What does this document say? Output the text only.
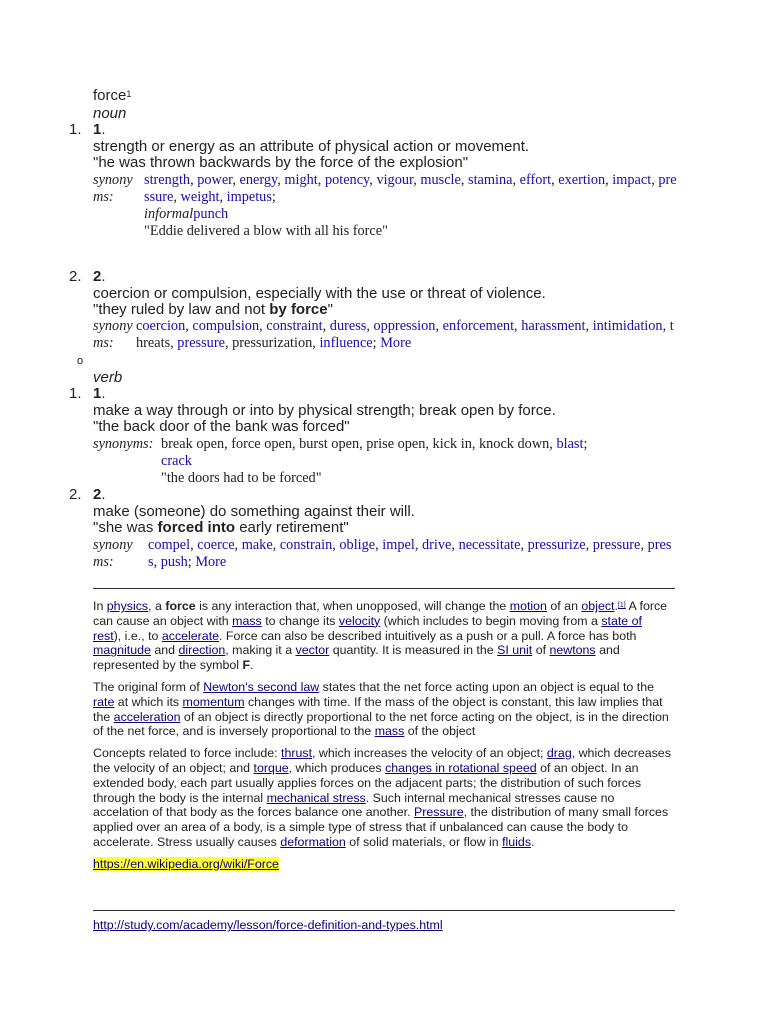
force$^1$
noun
1. 1.
strength or energy as an attribute of physical action or movement.
"he was thrown backwards by the force of the explosion"
synonyms:
strength, power, energy, might, potency, vigour, muscle, stamina, effort, exertion, impact, pressure, weight, impetus;
informalpunch
"Eddie delivered a blow with all his force"
2. 2.
coercion or compulsion, especially with the use or threat of violence.
"they ruled by law and not by force"
synonyms:
coercion, compulsion, constraint, duress, oppression, enforcement, harassment, intimidation, threats, pressure, pressurization, influence; More
o
verb
1. 1.
make a way through or into by physical strength; break open by force.
"the back door of the bank was forced"
synonyms: break open, force open, burst open, prise open, kick in, knock down, blast;
crack
"the doors had to be forced"
2. 2.
make (someone) do something against their will.
"she was forced into early retirement"
synonyms:
compel, coerce, make, constrain, oblige, impel, drive, necessitate, pressurize, pressure, press, push; More

In physics, a force is any interaction that, when unopposed, will change the motion of an object.[1] A force can cause an object with mass to change its velocity (which includes to begin moving from a state of rest), i.e., to accelerate. Force can also be described intuitively as a push or a pull. A force has both magnitude and direction, making it a vector quantity. It is measured in the SI unit of newtons and represented by the symbol F.

The original form of Newton's second law states that the net force acting upon an object is equal to the rate at which its momentum changes with time. If the mass of the object is constant, this law implies that the acceleration of an object is directly proportional to the net force acting on the object, is in the direction of the net force, and is inversely proportional to the mass of the object

Concepts related to force include: thrust, which increases the velocity of an object; drag, which decreases the velocity of an object; and torque, which produces changes in rotational speed of an object. In an extended body, each part usually applies forces on the adjacent parts; the distribution of such forces through the body is the internal mechanical stress. Such internal mechanical stresses cause no accelation of that body as the forces balance one another. Pressure, the distribution of many small forces applied over an area of a body, is a simple type of stress that if unbalanced can cause the body to accelerate. Stress usually causes deformation of solid materials, or flow in fluids.

https://en.wikipedia.org/wiki/Force

http://study.com/academy/lesson/force-definition-and-types.html
